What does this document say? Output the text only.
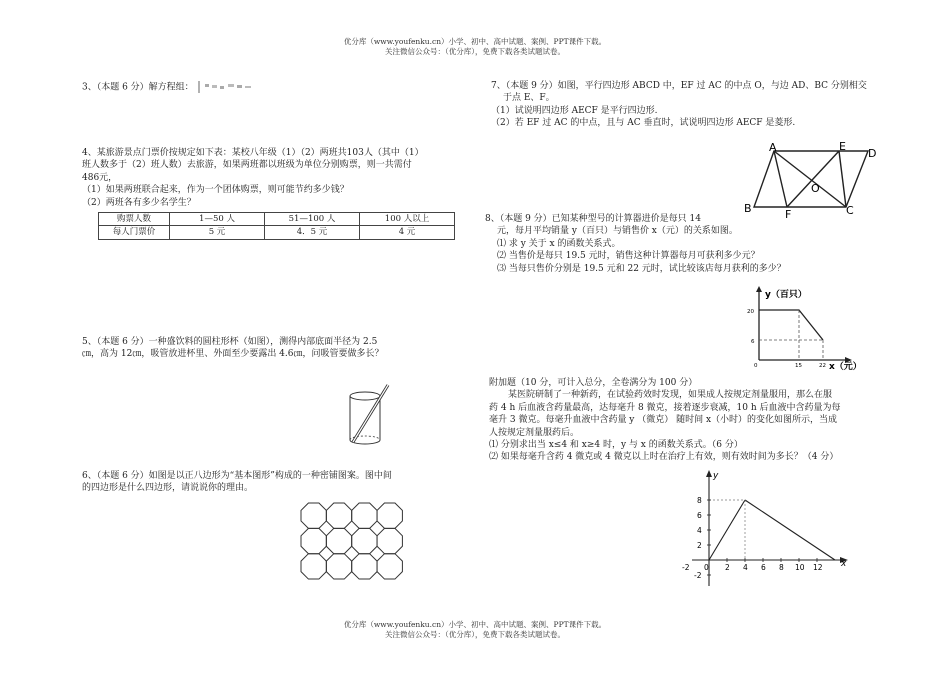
优分库（www.youfenku.cn）小学、初中、高中试题、案例、PPT课件下载。
关注微信公众号：（优分库），免费下载各类试题试卷。
3、（本题 6 分）解方程组：

4、某旅游景点门票价按规定如下表：某校八年级（1）（2）两班共103人（其中（1）

班人数多于（2）班人数）去旅游，如果两班都以班级为单位分别购票，则一共需付

486元，

（1）如果两班联合起来，作为一个团体购票，则可能节约多少钱？

（2）两班各有多少名学生？

购票人数	1—50 人	51—100 人	100 人以上
每人门票价	5 元	4．5 元	4 元

5、（本题 6 分）一种盛饮料的圆柱形杯（如图），测得内部底面半径为 2.5

㎝，高为 12㎝，吸管放进杯里、外面至少要露出 4.6㎝，问吸管要做多长？

6、（本题 6 分）如图是以正八边形为“基本图形”构成的一种密铺图案。图中间

的四边形是什么四边形，请说说你的理由。

7、（本题 9 分）如图，平行四边形 ABCD 中，EF 过 AC 的中点 O，与边 AD、BC 分别相交

于点 E、F。

（1）试说明四边形 AECF 是平行四边形.

（2）若 EF 过 AC 的中点，且与 AC 垂直时，试说明四边形 AECF 是菱形.

A	E
D
O
B	F	C

8、（本题 9 分）已知某种型号的计算器进价是每只 14

元，每月平均销量 y（百只）与销售价 x（元）的关系如图。

⑴ 求 y 关于 x 的函数关系式。

⑵ 当售价是每只 19.5 元时，销售这种计算器每月可获利多少元？

⑶ 当每只售价分别是 19.5 元和 22 元时，试比较该店每月获利的多少？

y（百只）
x（元）
20
6
0	15	22

附加题（10 分，可计入总分，全卷满分为 100 分）

某医院研制了一种新药，在试验药效时发现，如果成人按规定剂量服用，那么在服

药 4 h 后血液含药量最高，达每毫升 8 微克，接着逐步衰减，10 h 后血液中含药量为每

毫升 3 微克。每毫升血液中含药量 y （微克） 随时间 x（小时）的变化如图所示，当成

人按规定剂量服药后。

⑴ 分别求出当 x≤4 和 x≥4 时，y 与 x 的函数关系式。（6 分）

⑵ 如果每毫升含药 4 微克或 4 微克以上时在治疗上有效，则有效时间为多长？（4 分）

y
x
8
6
4
2
-2
-2 0 2 4 6 8 10 12
优分库（www.youfenku.cn）小学、初中、高中试题、案例、PPT课件下载。
关注微信公众号：（优分库），免费下载各类试题试卷。
